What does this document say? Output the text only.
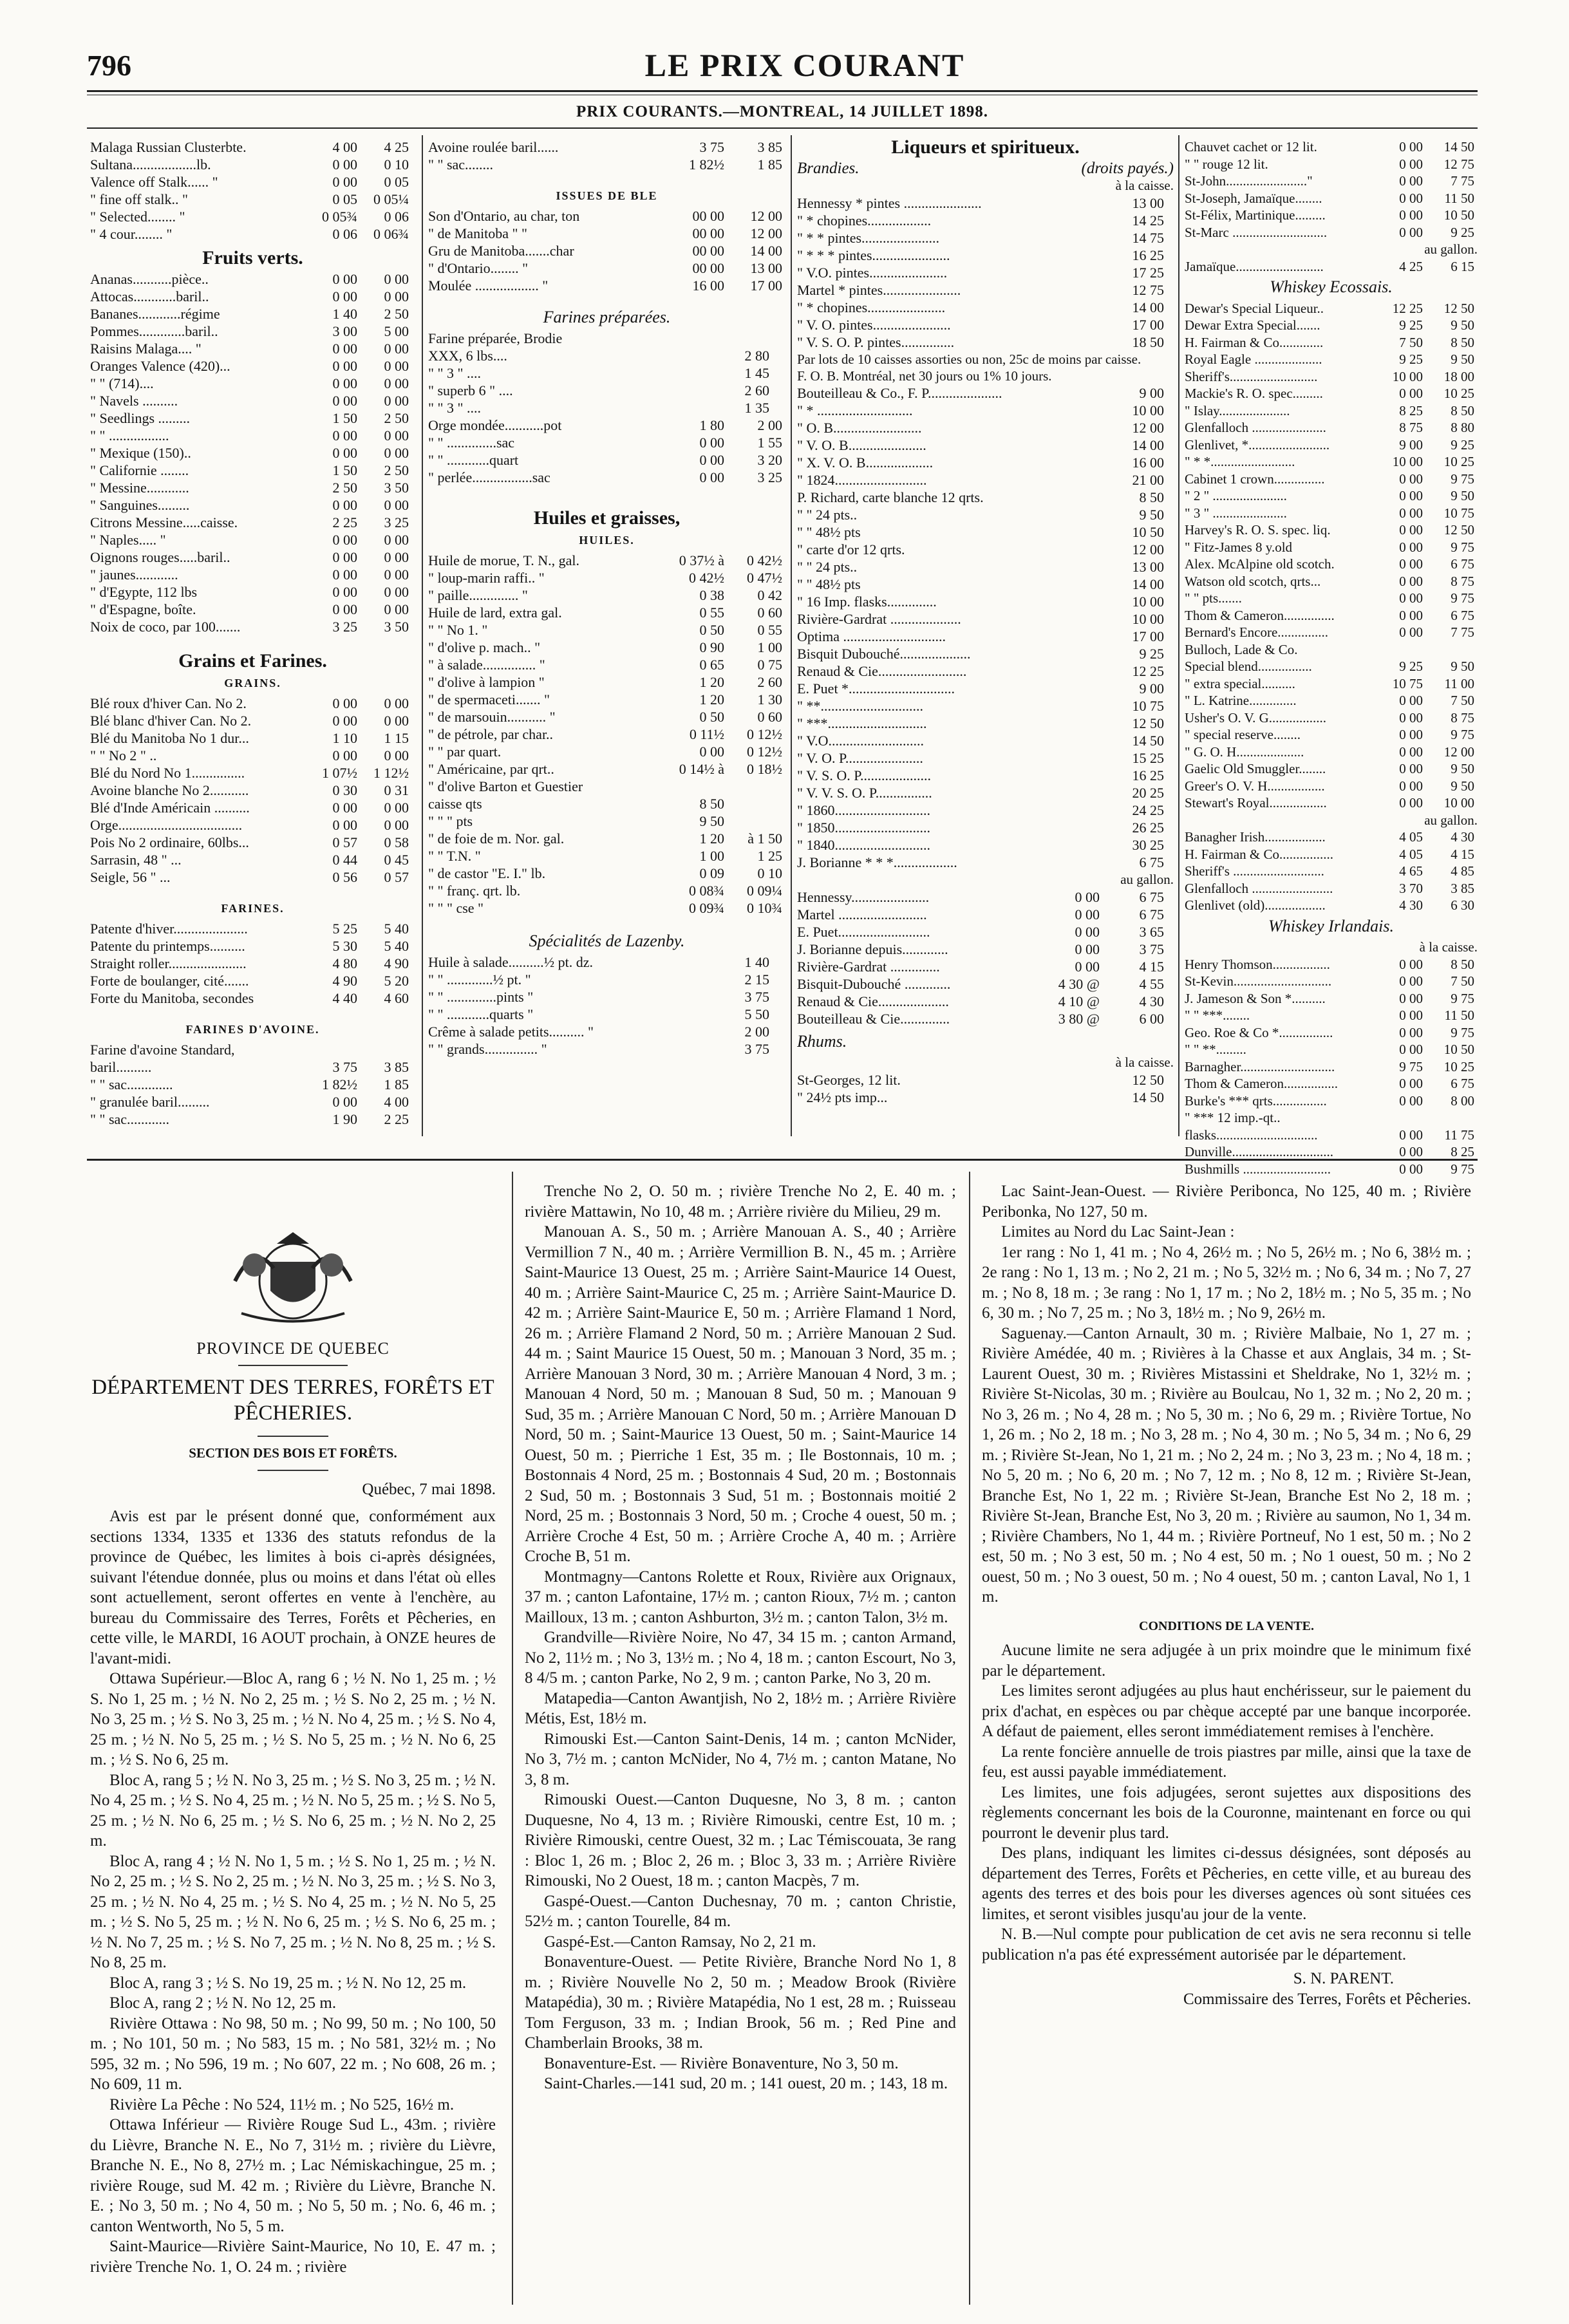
796	LE PRIX COURANT
PRIX COURANTS.—MONTREAL, 14 JUILLET 1898.
Malaga Russian Clusterbte.	4 00	4 25
Sultana..................lb.	0 00	0 10
Valence off Stalk...... "	0 00	0 05
" fine off stalk.. "	0 05	0 05¼
" Selected........ "	0 05¾	0 06
" 4 cour........ "	0 06	0 06¾
Fruits verts.
Ananas...........pièce..	0 00	0 00
Attocas............baril..	0 00	0 00
Bananes............régime	1 40	2 50
Pommes.............baril..	3 00	5 00
Raisins Malaga.... "	0 00	0 00
Oranges Valence (420)...	0 00	0 00
" " (714)....	0 00	0 00
" Navels ..........	0 00	0 00
" Seedlings .........	1 50	2 50
" " .................	0 00	0 00
" Mexique (150)..	0 00	0 00
" Californie ........	1 50	2 50
" Messine............	2 50	3 50
" Sanguines.........	0 00	0 00
Citrons Messine.....caisse.	2 25	3 25
" Naples..... "	0 00	0 00
Oignons rouges.....baril..	0 00	0 00
" jaunes............	0 00	0 00
" d'Egypte, 112 lbs	0 00	0 00
" d'Espagne, boîte.	0 00	0 00
Noix de coco, par 100.......	3 25	3 50
Grains et Farines.
GRAINS.
Blé roux d'hiver Can. No 2.	0 00	0 00
Blé blanc d'hiver Can. No 2.	0 00	0 00
Blé du Manitoba No 1 dur...	1 10	1 15
" " No 2 " ..	0 00	0 00
Blé du Nord No 1...............	1 07½	1 12½
Avoine blanche No 2...........	0 30	0 31
Blé d'Inde Américain ..........	0 00	0 00
Orge...................................	0 00	0 00
Pois No 2 ordinaire, 60lbs...	0 57	0 58
Sarrasin, 48 " ...	0 44	0 45
Seigle, 56 " ...	0 56	0 57
FARINES.
Patente d'hiver.....................	5 25	5 40
Patente du printemps..........	5 30	5 40
Straight roller......................	4 80	4 90
Forte de boulanger, cité.......	4 90	5 20
Forte du Manitoba, secondes	4 40	4 60
FARINES D'AVOINE.
Farine d'avoine Standard,
baril..........	3 75	3 85
" " sac.............	1 82½	1 85
" granulée baril.........	0 00	4 00
" " sac............	1 90	2 25
Avoine roulée baril......	3 75	3 85
" " sac........	1 82½	1 85
ISSUES DE BLE
Son d'Ontario, au char, ton	00 00	12 00
" de Manitoba " "	00 00	12 00
Gru de Manitoba.......char	00 00	14 00
" d'Ontario........ "	00 00	13 00
Moulée .................. "	16 00	17 00
Farines préparées.
Farine préparée, Brodie
XXX, 6 lbs....	2 80
" " 3 " ....	1 45
" superb 6 " ....	2 60
" " 3 " ....	1 35
Orge mondée...........pot	1 80	2 00
" " ..............sac	0 00	1 55
" " ............quart	0 00	3 20
" perlée.................sac	0 00	3 25
Huiles et graisses,
HUILES.
Huile de morue, T. N., gal.	0 37½ à	0 42½
" loup-marin raffi.. "	0 42½	0 47½
" paille.............. "	0 38	0 42
Huile de lard, extra gal.	0 55	0 60
" " No 1. "	0 50	0 55
" d'olive p. mach.. "	0 90	1 00
" à salade............... "	0 65	0 75
" d'olive à lampion "	1 20	2 60
" de spermaceti....... "	1 20	1 30
" de marsouin........... "	0 50	0 60
" de pétrole, par char..	0 11½	0 12½
" " par quart.	0 00	0 12½
" Américaine, par qrt..	0 14½ à	0 18½
" d'olive Barton et Guestier
caisse qts	8 50
" " " pts	9 50
" de foie de m. Nor. gal.	1 20	à 1 50
" " T.N. "	1 00	1 25
" de castor "E. I." lb.	0 09	0 10
" " franç. qrt. lb.	0 08¾	0 09¼
" " " cse "	0 09¾	0 10¾
Spécialités de Lazenby.
Huile à salade..........½ pt. dz.	1 40
" " .............½ pt. "	2 15
" " ..............pints "	3 75
" " ............quarts "	5 50
Crême à salade petits.......... "	2 00
" " grands............... "	3 75
Liqueurs et spiritueux.
Brandies.	(droits payés.)
à la caisse.
Hennessy * pintes ......................	13 00
" * chopines..................	14 25
" * * pintes......................	14 75
" * * * pintes......................	16 25
" V.O. pintes......................	17 25
Martel * pintes......................	12 75
" * chopines......................	14 00
" V. O. pintes......................	17 00
" V. S. O. P. pintes...............	18 50
Par lots de 10 caisses assorties ou non, 25c de moins par caisse.
F. O. B. Montréal, net 30 jours ou 1% 10 jours.
Bouteilleau & Co., F. P.....................	9 00
" * ...........................	10 00
" O. B.........................	12 00
" V. O. B......................	14 00
" X. V. O. B...................	16 00
" 1824..........................	21 00
P. Richard, carte blanche 12 qrts.	8 50
" " 24 pts..	9 50
" " 48½ pts	10 50
" carte d'or 12 qrts.	12 00
" " 24 pts..	13 00
" " 48½ pts	14 00
" 16 Imp. flasks..............	10 00
Rivière-Gardrat ....................	10 00
Optima .............................	17 00
Bisquit Dubouché....................	9 25
Renaud & Cie.........................	12 25
E. Puet *..............................	9 00
" **.............................	10 75
" ***............................	12 50
" V.O...........................	14 50
" V. O. P......................	15 25
" V. S. O. P....................	16 25
" V. V. S. O. P................	20 25
" 1860...........................	24 25
" 1850...........................	26 25
" 1840...........................	30 25
J. Borianne * * *..................	6 75
au gallon.
Hennessy......................	0 00	6 75
Martel .........................	0 00	6 75
E. Puet..........................	0 00	3 65
J. Borianne depuis.............	0 00	3 75
Rivière-Gardrat ..............	0 00	4 15
Bisquit-Dubouché .............	4 30 @	4 55
Renaud & Cie....................	4 10 @	4 30
Bouteilleau & Cie..............	3 80 @	6 00
Rhums.
à la caisse.
St-Georges, 12 lit.	12 50
" 24½ pts imp...	14 50
Chauvet cachet or 12 lit.	0 00	14 50
" " rouge 12 lit.	0 00	12 75
St-John........................"	0 00	7 75
St-Joseph, Jamaïque........	0 00	11 50
St-Félix, Martinique.........	0 00	10 50
St-Marc ............................	0 00	9 25
au gallon.
Jamaïque..........................	4 25	6 15
Whiskey Ecossais.
Dewar's Special Liqueur..	12 25	12 50
Dewar Extra Special.......	9 25	9 50
H. Fairman & Co.............	7 50	8 50
Royal Eagle ....................	9 25	9 50
Sheriff's..........................	10 00	18 00
Mackie's R. O. spec.........	0 00	10 25
" Islay.....................	8 25	8 50
Glenfalloch ......................	8 75	8 80
Glenlivet, *........................	9 00	9 25
" * *.........................	10 00	10 25
Cabinet 1 crown...............	0 00	9 75
" 2 " ......................	0 00	9 50
" 3 " ......................	0 00	10 75
Harvey's R. O. S. spec. liq.	0 00	12 50
" Fitz-James 8 y.old	0 00	9 75
Alex. McAlpine old scotch.	0 00	6 75
Watson old scotch, qrts...	0 00	8 75
" " pts.......	0 00	9 75
Thom & Cameron...............	0 00	6 75
Bernard's Encore...............	0 00	7 75
Bulloch, Lade & Co.
Special blend................	9 25	9 50
" extra special..........	10 75	11 00
" L. Katrine..............	0 00	7 50
Usher's O. V. G.................	0 00	8 75
" special reserve........	0 00	9 75
" G. O. H....................	0 00	12 00
Gaelic Old Smuggler........	0 00	9 50
Greer's O. V. H.................	0 00	9 50
Stewart's Royal.................	0 00	10 00
au gallon.
Banagher Irish..................	4 05	4 30
H. Fairman & Co................	4 05	4 15
Sheriff's ...........................	4 65	4 85
Glenfalloch ........................	3 70	3 85
Glenlivet (old)..................	4 30	6 30
Whiskey Irlandais.
à la caisse.
Henry Thomson.................	0 00	8 50
St-Kevin.............................	0 00	7 50
J. Jameson & Son *..........	0 00	9 75
" " ***........	0 00	11 50
Geo. Roe & Co *................	0 00	9 75
" " **.........	0 00	10 50
Barnagher............................	9 75	10 25
Thom & Cameron................	0 00	6 75
Burke's *** qrts................	0 00	8 00
" *** 12 imp.-qt..
flasks..............................	0 00	11 75
Dunville..............................	0 00	8 25
Bushmills ..........................	0 00	9 75
PROVINCE DE QUEBEC
DÉPARTEMENT DES TERRES, FORÊTS ET PÊCHERIES.
SECTION DES BOIS ET FORÊTS.
Québec, 7 mai 1898.

Avis est par le présent donné que, conformément aux sections 1334, 1335 et 1336 des statuts refondus de la province de Québec, les limites à bois ci-après désignées, suivant l'étendue donnée, plus ou moins et dans l'état où elles sont actuellement, seront offertes en vente à l'enchère, au bureau du Commissaire des Terres, Forêts et Pêcheries, en cette ville, le MARDI, 16 AOUT prochain, à ONZE heures de l'avant-midi.

Ottawa Supérieur.—Bloc A, rang 6 ; ½ N. No 1, 25 m. ; ½ S. No 1, 25 m. ; ½ N. No 2, 25 m. ; ½ S. No 2, 25 m. ; ½ N. No 3, 25 m. ; ½ S. No 3, 25 m. ; ½ N. No 4, 25 m. ; ½ S. No 4, 25 m. ; ½ N. No 5, 25 m. ; ½ S. No 5, 25 m. ; ½ N. No 6, 25 m. ; ½ S. No 6, 25 m.

Bloc A, rang 5 ; ½ N. No 3, 25 m. ; ½ S. No 3, 25 m. ; ½ N. No 4, 25 m. ; ½ S. No 4, 25 m. ; ½ N. No 5, 25 m. ; ½ S. No 5, 25 m. ; ½ N. No 6, 25 m. ; ½ S. No 6, 25 m. ; ½ N. No 2, 25 m.

Bloc A, rang 4 ; ½ N. No 1, 5 m. ; ½ S. No 1, 25 m. ; ½ N. No 2, 25 m. ; ½ S. No 2, 25 m. ; ½ N. No 3, 25 m. ; ½ S. No 3, 25 m. ; ½ N. No 4, 25 m. ; ½ S. No 4, 25 m. ; ½ N. No 5, 25 m. ; ½ S. No 5, 25 m. ; ½ N. No 6, 25 m. ; ½ S. No 6, 25 m. ; ½ N. No 7, 25 m. ; ½ S. No 7, 25 m. ; ½ N. No 8, 25 m. ; ½ S. No 8, 25 m.

Bloc A, rang 3 ; ½ S. No 19, 25 m. ; ½ N. No 12, 25 m.

Bloc A, rang 2 ; ½ N. No 12, 25 m.

Rivière Ottawa : No 98, 50 m. ; No 99, 50 m. ; No 100, 50 m. ; No 101, 50 m. ; No 583, 15 m. ; No 581, 32½ m. ; No 595, 32 m. ; No 596, 19 m. ; No 607, 22 m. ; No 608, 26 m. ; No 609, 11 m.

Rivière La Pêche : No 524, 11½ m. ; No 525, 16½ m.

Ottawa Inférieur — Rivière Rouge Sud L., 43m. ; rivière du Lièvre, Branche N. E., No 7, 31½ m. ; rivière du Lièvre, Branche N. E., No 8, 27½ m. ; Lac Némiskachingue, 25 m. ; rivière Rouge, sud M. 42 m. ; Rivière du Lièvre, Branche N. E. ; No 3, 50 m. ; No 4, 50 m. ; No 5, 50 m. ; No. 6, 46 m. ; canton Wentworth, No 5, 5 m.

Saint-Maurice—Rivière Saint-Maurice, No 10, E. 47 m. ; rivière Trenche No. 1, O. 24 m. ; rivière

Trenche No 2, O. 50 m. ; rivière Trenche No 2, E. 40 m. ; rivière Mattawin, No 10, 48 m. ; Arrière rivière du Milieu, 29 m.

Manouan A. S., 50 m. ; Arrière Manouan A. S., 40 ; Arrière Vermillion 7 N., 40 m. ; Arrière Vermillion B. N., 45 m. ; Arrière Saint-Maurice 13 Ouest, 25 m. ; Arrière Saint-Maurice 14 Ouest, 40 m. ; Arrière Saint-Maurice C, 25 m. ; Arrière Saint-Maurice D. 42 m. ; Arrière Saint-Maurice E, 50 m. ; Arrière Flamand 1 Nord, 26 m. ; Arrière Flamand 2 Nord, 50 m. ; Arrière Manouan 2 Sud. 44 m. ; Saint Maurice 15 Ouest, 50 m. ; Manouan 3 Nord, 35 m. ; Arrière Manouan 3 Nord, 30 m. ; Arrière Manouan 4 Nord, 3 m. ; Manouan 4 Nord, 50 m. ; Manouan 8 Sud, 50 m. ; Manouan 9 Sud, 35 m. ; Arrière Manouan C Nord, 50 m. ; Arrière Manouan D Nord, 50 m. ; Saint-Maurice 13 Ouest, 50 m. ; Saint-Maurice 14 Ouest, 50 m. ; Pierriche 1 Est, 35 m. ; Ile Bostonnais, 10 m. ; Bostonnais 4 Nord, 25 m. ; Bostonnais 4 Sud, 20 m. ; Bostonnais 2 Sud, 50 m. ; Bostonnais 3 Sud, 51 m. ; Bostonnais moitié 2 Nord, 25 m. ; Bostonnais 3 Nord, 50 m. ; Croche 4 ouest, 50 m. ; Arrière Croche 4 Est, 50 m. ; Arrière Croche A, 40 m. ; Arrière Croche B, 51 m.

Montmagny—Cantons Rolette et Roux, Rivière aux Orignaux, 37 m. ; canton Lafontaine, 17½ m. ; canton Rioux, 7½ m. ; canton Mailloux, 13 m. ; canton Ashburton, 3½ m. ; canton Talon, 3½ m.

Grandville—Rivière Noire, No 47, 34 15 m. ; canton Armand, No 2, 11½ m. ; No 3, 13½ m. ; No 4, 18 m. ; canton Escourt, No 3, 8 4/5 m. ; canton Parke, No 2, 9 m. ; canton Parke, No 3, 20 m.

Matapedia—Canton Awantjish, No 2, 18½ m. ; Arrière Rivière Métis, Est, 18½ m.

Rimouski Est.—Canton Saint-Denis, 14 m. ; canton McNider, No 3, 7½ m. ; canton McNider, No 4, 7½ m. ; canton Matane, No 3, 8 m.

Rimouski Ouest.—Canton Duquesne, No 3, 8 m. ; canton Duquesne, No 4, 13 m. ; Rivière Rimouski, centre Est, 10 m. ; Rivière Rimouski, centre Ouest, 32 m. ; Lac Témiscouata, 3e rang : Bloc 1, 26 m. ; Bloc 2, 26 m. ; Bloc 3, 33 m. ; Arrière Rivière Rimouski, No 2 Ouest, 18 m. ; canton Macpès, 7 m.

Gaspé-Ouest.—Canton Duchesnay, 70 m. ; canton Christie, 52½ m. ; canton Tourelle, 84 m.

Gaspé-Est.—Canton Ramsay, No 2, 21 m.

Bonaventure-Ouest. — Petite Rivière, Branche Nord No 1, 8 m. ; Rivière Nouvelle No 2, 50 m. ; Meadow Brook (Rivière Matapédia), 30 m. ; Rivière Matapédia, No 1 est, 28 m. ; Ruisseau Tom Ferguson, 33 m. ; Indian Brook, 56 m. ; Red Pine and Chamberlain Brooks, 38 m.

Bonaventure-Est. — Rivière Bonaventure, No 3, 50 m.

Saint-Charles.—141 sud, 20 m. ; 141 ouest, 20 m. ; 143, 18 m.

Lac Saint-Jean-Ouest. — Rivière Peribonca, No 125, 40 m. ; Rivière Peribonka, No 127, 50 m.

Limites au Nord du Lac Saint-Jean :

1er rang : No 1, 41 m. ; No 4, 26½ m. ; No 5, 26½ m. ; No 6, 38½ m. ; 2e rang : No 1, 13 m. ; No 2, 21 m. ; No 5, 32½ m. ; No 6, 34 m. ; No 7, 27 m. ; No 8, 18 m. ; 3e rang : No 1, 17 m. ; No 2, 18½ m. ; No 5, 35 m. ; No 6, 30 m. ; No 7, 25 m. ; No 3, 18½ m. ; No 9, 26½ m.

Saguenay.—Canton Arnault, 30 m. ; Rivière Malbaie, No 1, 27 m. ; Rivière Amédée, 40 m. ; Rivières à la Chasse et aux Anglais, 34 m. ; St-Laurent Ouest, 30 m. ; Rivières Mistassini et Sheldrake, No 1, 32½ m. ; Rivière St-Nicolas, 30 m. ; Rivière au Boulcau, No 1, 32 m. ; No 2, 20 m. ; No 3, 26 m. ; No 4, 28 m. ; No 5, 30 m. ; No 6, 29 m. ; Rivière Tortue, No 1, 26 m. ; No 2, 18 m. ; No 3, 28 m. ; No 4, 30 m. ; No 5, 34 m. ; No 6, 29 m. ; Rivière St-Jean, No 1, 21 m. ; No 2, 24 m. ; No 3, 23 m. ; No 4, 18 m. ; No 5, 20 m. ; No 6, 20 m. ; No 7, 12 m. ; No 8, 12 m. ; Rivière St-Jean, Branche Est, No 1, 22 m. ; Rivière St-Jean, Branche Est No 2, 18 m. ; Rivière St-Jean, Branche Est, No 3, 20 m. ; Rivière au saumon, No 1, 34 m. ; Rivière Chambers, No 1, 44 m. ; Rivière Portneuf, No 1 est, 50 m. ; No 2 est, 50 m. ; No 3 est, 50 m. ; No 4 est, 50 m. ; No 1 ouest, 50 m. ; No 2 ouest, 50 m. ; No 3 ouest, 50 m. ; No 4 ouest, 50 m. ; canton Laval, No 1, 1 m.

CONDITIONS DE LA VENTE.

Aucune limite ne sera adjugée à un prix moindre que le minimum fixé par le département.

Les limites seront adjugées au plus haut enchérisseur, sur le paiement du prix d'achat, en espèces ou par chèque accepté par une banque incorporée. A défaut de paiement, elles seront immédiatement remises à l'enchère.

La rente foncière annuelle de trois piastres par mille, ainsi que la taxe de feu, est aussi payable immédiatement.

Les limites, une fois adjugées, seront sujettes aux dispositions des règlements concernant les bois de la Couronne, maintenant en force ou qui pourront le devenir plus tard.

Des plans, indiquant les limites ci-dessus désignées, sont déposés au département des Terres, Forêts et Pêcheries, en cette ville, et au bureau des agents des terres et des bois pour les diverses agences où sont situées ces limites, et seront visibles jusqu'au jour de la vente.

N. B.—Nul compte pour publication de cet avis ne sera reconnu si telle publication n'a pas été expressément autorisée par le département.

S. N. PARENT.
Commissaire des Terres, Forêts et Pêcheries.
